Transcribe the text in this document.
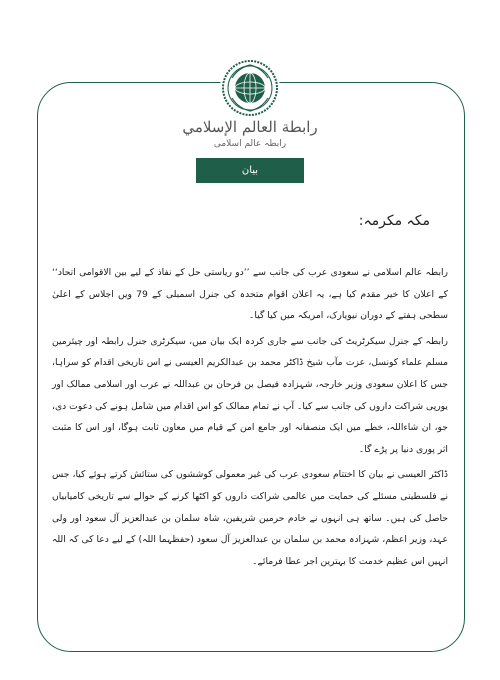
رابطة العالم الإسلامي
رابطہ عالم اسلامی
بیان
مکہ مکرمہ:

رابطہ عالم اسلامی نے سعودی عرب کی جانب سے ’’دو ریاستی حل کے نفاذ کے لیے بین الاقوامی اتحاد‘‘ کے اعلان کا خیر مقدم کیا ہے، یہ اعلان اقوام متحدہ کی جنرل اسمبلی کے 79 ویں اجلاس کے اعلیٰ سطحی ہفتے کے دوران نیویارک، امریکہ میں کیا گیا۔

رابطہ کے جنرل سیکرٹریٹ کی جانب سے جاری کردہ ایک بیان میں، سیکرٹری جنرل رابطہ اور چیئرمین مسلم علماء کونسل، عزت مآب شیخ ڈاکٹر محمد بن عبدالکریم العیسی نے اس تاریخی اقدام کو سراہا، جس کا اعلان سعودی وزیر خارجہ، شہزادہ فیصل بن فرحان بن عبداللہ نے عرب اور اسلامی ممالک اور یورپی شراکت داروں کی جانب سے کیا۔ آپ نے تمام ممالک کو اس اقدام میں شامل ہونے کی دعوت دی، جو، ان شاءاللہ، خطے میں ایک منصفانہ اور جامع امن کے قیام میں معاون ثابت ہوگا، اور اس کا مثبت اثر پوری دنیا پر پڑے گا۔

ڈاکٹر العیسی نے بیان کا اختتام سعودی عرب کی غیر معمولی کوششوں کی ستائش کرتے ہوئے کیا، جس نے فلسطینی مسئلے کی حمایت میں عالمی شراکت داروں کو اکٹھا کرنے کے حوالے سے تاریخی کامیابیاں حاصل کی ہیں۔ ساتھ ہی انہوں نے خادم حرمین شریفین، شاہ سلمان بن عبدالعزیز آل سعود اور ولی عہد، وزیر اعظم، شہزادہ محمد بن سلمان بن عبدالعزیز آل سعود (حفظہما اللہ) کے لیے دعا کی کہ اللہ انہیں اس عظیم خدمت کا بہترین اجر عطا فرمائے۔
